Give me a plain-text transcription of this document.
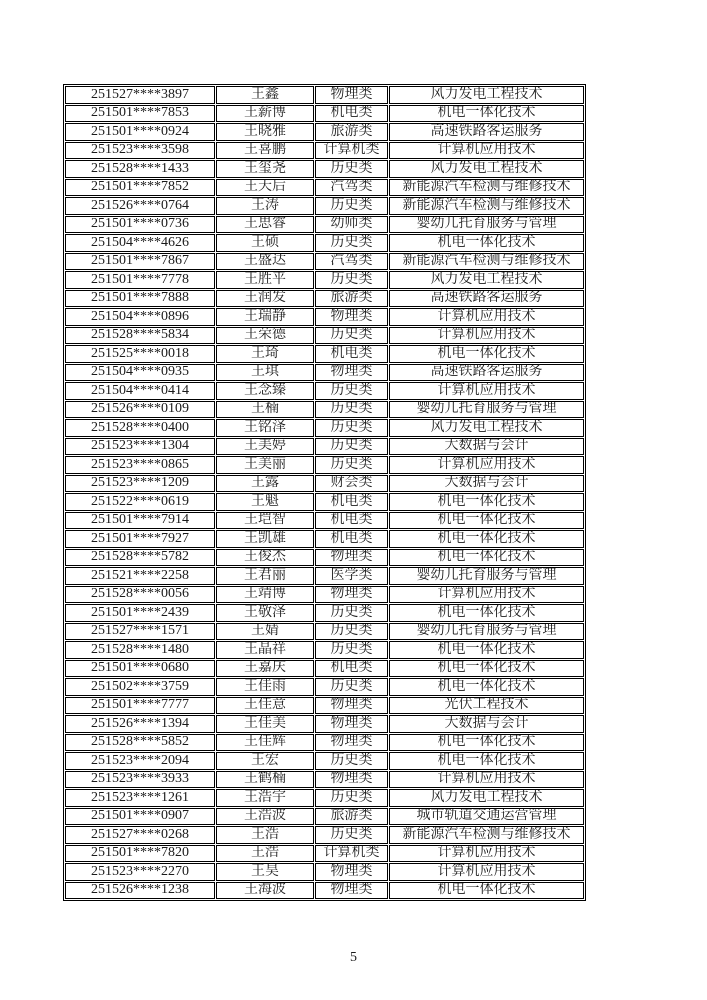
251527****3897	王鑫	物理类	风力发电工程技术
251501****7853	王薪博	机电类	机电一体化技术
251501****0924	王晓雅	旅游类	高速铁路客运服务
251523****3598	王喜鹏	计算机类	计算机应用技术
251528****1433	王玺尧	历史类	风力发电工程技术
251501****7852	王天后	汽驾类	新能源汽车检测与维修技术
251526****0764	王涛	历史类	新能源汽车检测与维修技术
251501****0736	王思睿	幼师类	婴幼儿托育服务与管理
251504****4626	王硕	历史类	机电一体化技术
251501****7867	王盛达	汽驾类	新能源汽车检测与维修技术
251501****7778	王胜平	历史类	风力发电工程技术
251501****7888	王润发	旅游类	高速铁路客运服务
251504****0896	王瑞静	物理类	计算机应用技术
251528****5834	王荣德	历史类	计算机应用技术
251525****0018	王琦	机电类	机电一体化技术
251504****0935	王琪	物理类	高速铁路客运服务
251504****0414	王念臻	历史类	计算机应用技术
251526****0109	王楠	历史类	婴幼儿托育服务与管理
251528****0400	王铭泽	历史类	风力发电工程技术
251523****1304	王美婷	历史类	大数据与会计
251523****0865	王美丽	历史类	计算机应用技术
251523****1209	王露	财会类	大数据与会计
251522****0619	王魁	机电类	机电一体化技术
251501****7914	王垲智	机电类	机电一体化技术
251501****7927	王凯雄	机电类	机电一体化技术
251528****5782	王俊杰	物理类	机电一体化技术
251521****2258	王君丽	医学类	婴幼儿托育服务与管理
251528****0056	王靖博	物理类	计算机应用技术
251501****2439	王敬泽	历史类	机电一体化技术
251527****1571	王婧	历史类	婴幼儿托育服务与管理
251528****1480	王晶祥	历史类	机电一体化技术
251501****0680	王嘉庆	机电类	机电一体化技术
251502****3759	王佳雨	历史类	机电一体化技术
251501****7777	王佳意	物理类	光伏工程技术
251526****1394	王佳美	物理类	大数据与会计
251528****5852	王佳辉	物理类	机电一体化技术
251523****2094	王宏	历史类	机电一体化技术
251523****3933	王鹤楠	物理类	计算机应用技术
251523****1261	王浩宇	历史类	风力发电工程技术
251501****0907	王浩波	旅游类	城市轨道交通运营管理
251527****0268	王浩	历史类	新能源汽车检测与维修技术
251501****7820	王浩	计算机类	计算机应用技术
251523****2270	王昊	物理类	计算机应用技术
251526****1238	王海波	物理类	机电一体化技术
5
